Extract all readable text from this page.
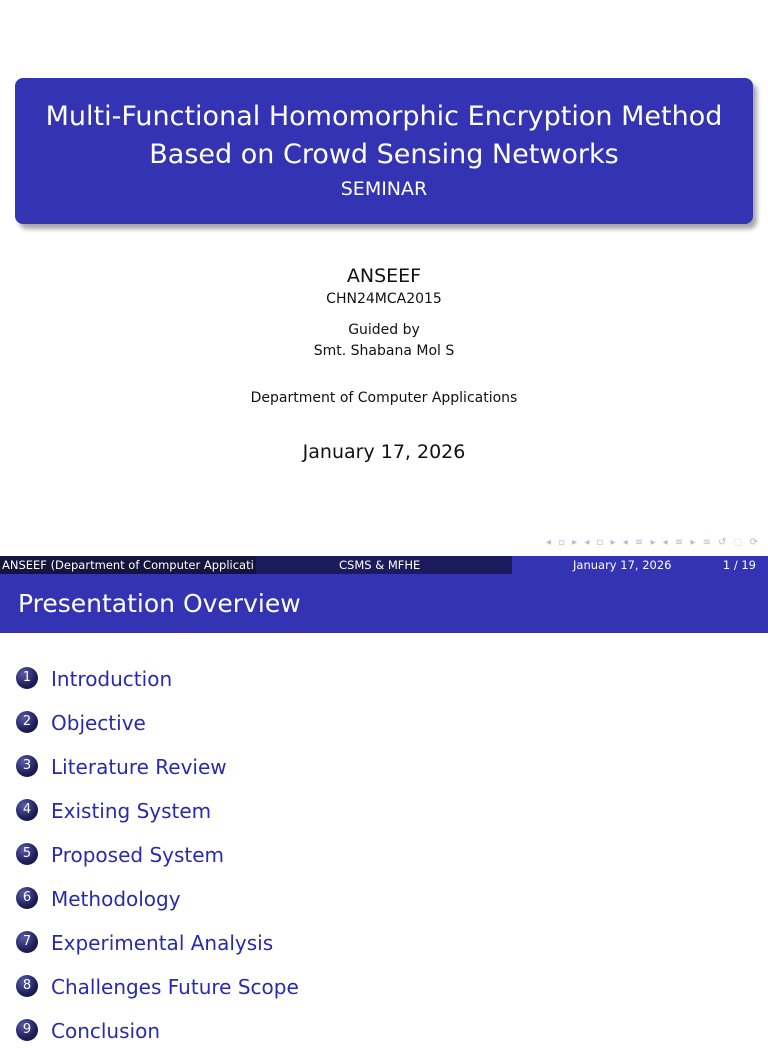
Multi-Functional Homomorphic Encryption Method
Based on Crowd Sensing Networks
SEMINAR
ANSEEF
CHN24MCA2015
Guided by
Smt. Shabana Mol S
Department of Computer Applications
January 17, 2026
◂ ▫ ▸ ◂ ▫ ▸ ◂ ≡ ▸ ◂ ≡ ▸ ≡ ↺ ◌ ⟳
ANSEEF (Department of Computer Applicati	CSMS & MFHE	January 17, 2026	1 / 19
Presentation Overview
1 Introduction
2 Objective
3 Literature Review
4 Existing System
5 Proposed System
6 Methodology
7 Experimental Analysis
8 Challenges Future Scope
9 Conclusion
